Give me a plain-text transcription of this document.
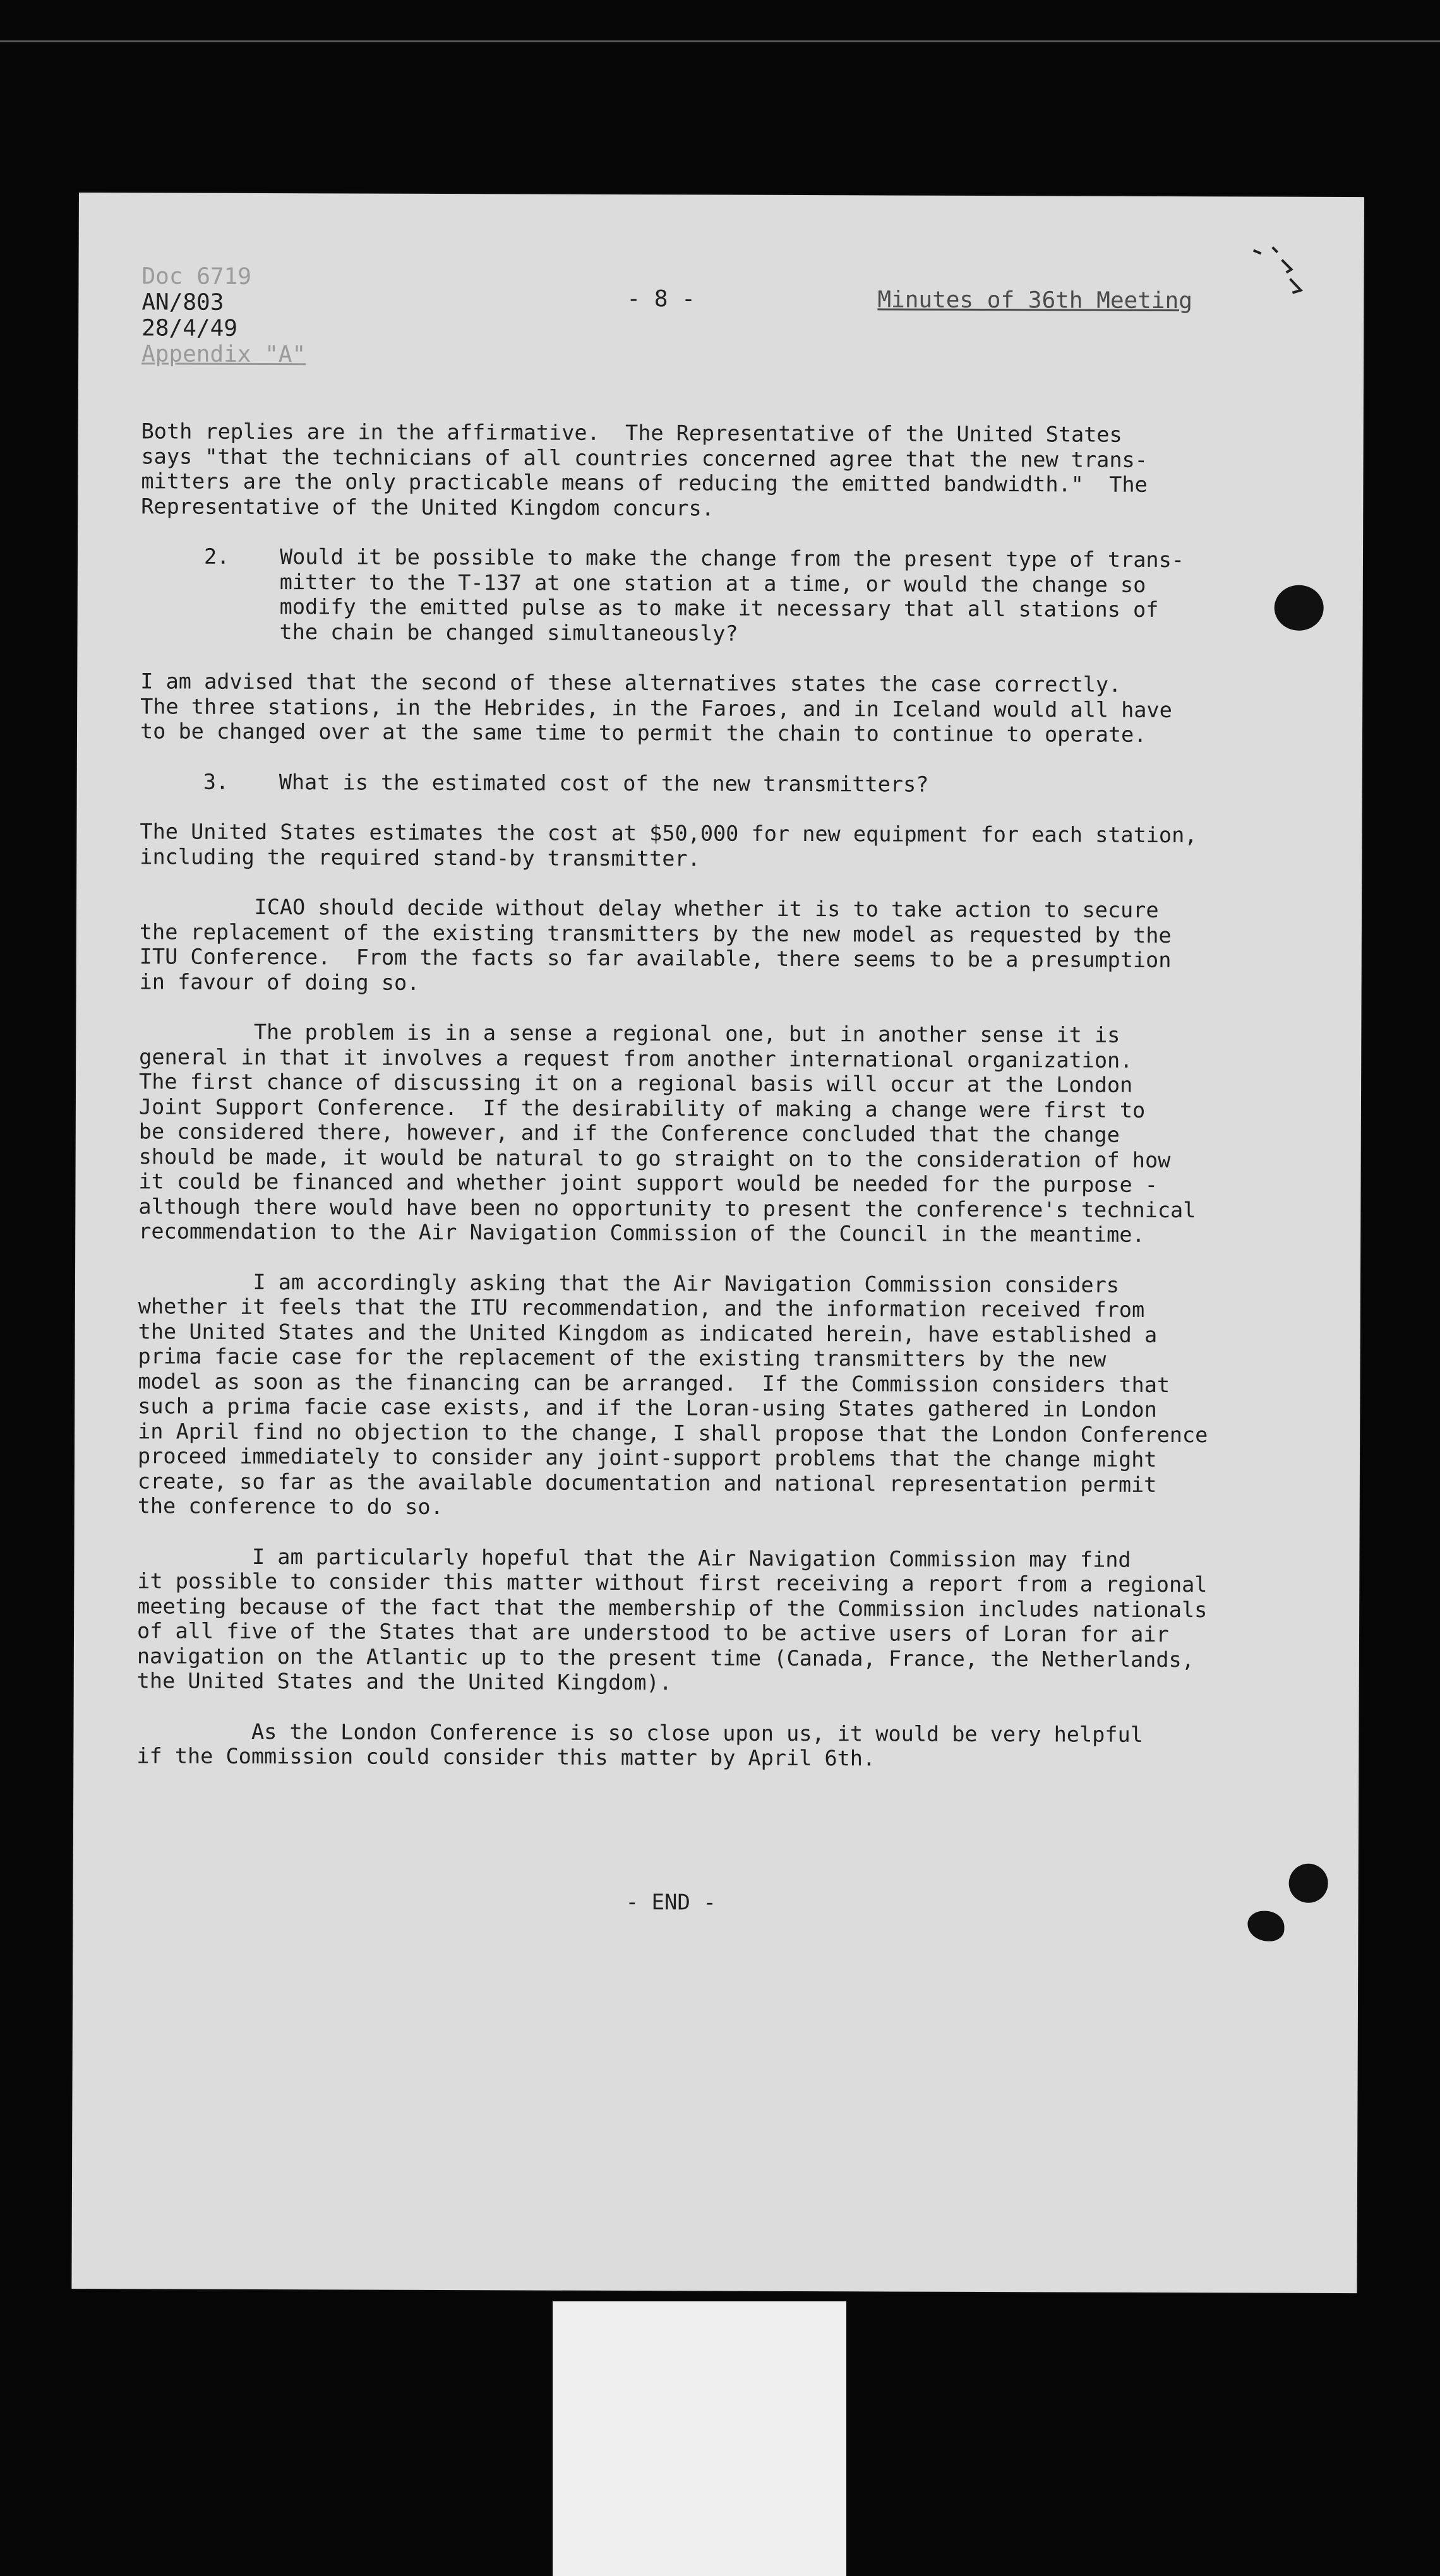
Doc 6719
AN/803
28/4/49
Appendix "A"
- 8 -	Minutes of 36th Meeting
Both replies are in the affirmative.  The Representative of the United States
says "that the technicians of all countries concerned agree that the new trans-
mitters are the only practicable means of reducing the emitted bandwidth."  The
Representative of the United Kingdom concurs.
2.	Would it be possible to make the change from the present type of trans-
mitter to the T-137 at one station at a time, or would the change so
modify the emitted pulse as to make it necessary that all stations of
the chain be changed simultaneously?
I am advised that the second of these alternatives states the case correctly.
The three stations, in the Hebrides, in the Faroes, and in Iceland would all have
to be changed over at the same time to permit the chain to continue to operate.
3.	What is the estimated cost of the new transmitters?
The United States estimates the cost at $50,000 for new equipment for each station,
including the required stand-by transmitter.
ICAO should decide without delay whether it is to take action to secure
the replacement of the existing transmitters by the new model as requested by the
ITU Conference.  From the facts so far available, there seems to be a presumption
in favour of doing so.
The problem is in a sense a regional one, but in another sense it is
general in that it involves a request from another international organization.
The first chance of discussing it on a regional basis will occur at the London
Joint Support Conference.  If the desirability of making a change were first to
be considered there, however, and if the Conference concluded that the change
should be made, it would be natural to go straight on to the consideration of how
it could be financed and whether joint support would be needed for the purpose -
although there would have been no opportunity to present the conference's technical
recommendation to the Air Navigation Commission of the Council in the meantime.
I am accordingly asking that the Air Navigation Commission considers
whether it feels that the ITU recommendation, and the information received from
the United States and the United Kingdom as indicated herein, have established a
prima facie case for the replacement of the existing transmitters by the new
model as soon as the financing can be arranged.  If the Commission considers that
such a prima facie case exists, and if the Loran-using States gathered in London
in April find no objection to the change, I shall propose that the London Conference
proceed immediately to consider any joint-support problems that the change might
create, so far as the available documentation and national representation permit
the conference to do so.
I am particularly hopeful that the Air Navigation Commission may find
it possible to consider this matter without first receiving a report from a regional
meeting because of the fact that the membership of the Commission includes nationals
of all five of the States that are understood to be active users of Loran for air
navigation on the Atlantic up to the present time (Canada, France, the Netherlands,
the United States and the United Kingdom).
As the London Conference is so close upon us, it would be very helpful
if the Commission could consider this matter by April 6th.
- END -
